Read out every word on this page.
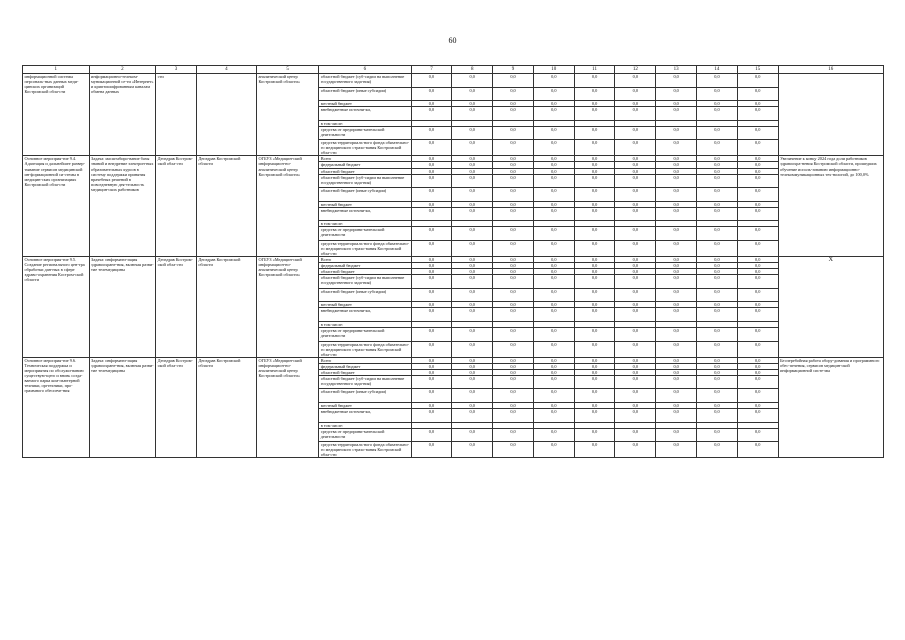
60
1	2	3	4	5	6	7	8	9	10	11	12	13	14	15	16
информационной системы персональ-ных данных меди-цинских организаций Костромской обла-сти	информационно-телеком-муникационной се-ти «Интернет» и криптошифрованным каналам обмена данных	сти		аналитический центр Костромской области»	областной бюджет (суб-сидии на выполнение государственного зада-ния)	0,0	0,0	0,0	0,0	0,0	0,0	0,0	0,0	0,0	
					областной бюджет (иные субсидии)	0,0	0,0	0,0	0,0	0,0	0,0	0,0	0,0	0,0	
					местный бюджет	0,0	0,0	0,0	0,0	0,0	0,0	0,0	0,0	0,0	
					внебюджетные источни-ки,	0,0	0,0	0,0	0,0	0,0	0,0	0,0	0,0	0,0	
					в том числе:										
					средства от предприни-мательской деятельности	0,0	0,0	0,0	0,0	0,0	0,0	0,0	0,0	0,0	
					средства территориаль-ного фонда обязательно-го медицинского страхо-вания Костромской обла-сти	0,0	0,0	0,0	0,0	0,0	0,0	0,0	0,0	0,0	
Основное мероприя-тие 9.4. Адаптация и дальнейшее развер-тывание сервисов медицинской ин-формационной си-стемы в медицин-ских организациях Костромской обла-сти	Задача: масштабиро-вание базы знаний и внедрение электрон-ных образовательных курсов в систему поддержки принятия врачебных решений в повседневную дея-тельность медицин-ских работников	Депздрав Костром-ской обла-сти	Депздрав Костромской области	ОГБУЗ «Медицин-ский информацион-но-аналитический центр Костромской области»	Всего	0,0	0,0	0,0	0,0	0,0	0,0	0,0	0,0	0,0	Увеличение к концу 2024 года доли работников здравоохра-нения Костромской области, прошедших обучение исполь-зованию информационно-телекоммуникационных тех-нологий, до 100,0%
					федеральный бюджет	0,0	0,0	0,0	0,0	0,0	0,0	0,0	0,0	0,0	
					областной бюджет	0,0	0,0	0,0	0,0	0,0	0,0	0,0	0,0	0,0	
					областной бюджет (суб-сидии на выполнение государственного зада-ния)	0,0	0,0	0,0	0,0	0,0	0,0	0,0	0,0	0,0	
					областной бюджет (иные субсидии)	0,0	0,0	0,0	0,0	0,0	0,0	0,0	0,0	0,0	
					местный бюджет	0,0	0,0	0,0	0,0	0,0	0,0	0,0	0,0	0,0	
					внебюджетные источни-ки,	0,0	0,0	0,0	0,0	0,0	0,0	0,0	0,0	0,0	
					в том числе:										
					средства от предприни-мательской деятельности	0,0	0,0	0,0	0,0	0,0	0,0	0,0	0,0	0,0	
					средства территориаль-ного фонда обязательно-го медицинского страхо-вания Костромской обла-сти	0,0	0,0	0,0	0,0	0,0	0,0	0,0	0,0	0,0	
Основное мероприя-тие 9.5. Создание регионального цен-тра обработки дан-ных в сфере здраво-охранения Костром-ской области	Задача: информати-зация здравоохране-ния, включая разви-тие телемедицины	Депздрав Костром-ской обла-сти	Депздрав Костромской области	ОГБУЗ «Медицин-ский информацион-но-аналитический центр Костромской области»	Всего	0,0	0,0	0,0	0,0	0,0	0,0	0,0	0,0	0,0	X
					федеральный бюджет	0,0	0,0	0,0	0,0	0,0	0,0	0,0	0,0	0,0	
					областной бюджет	0,0	0,0	0,0	0,0	0,0	0,0	0,0	0,0	0,0	
					областной бюджет (суб-сидии на выполнение государственного зада-ния)	0,0	0,0	0,0	0,0	0,0	0,0	0,0	0,0	0,0	
					областной бюджет (иные субсидии)	0,0	0,0	0,0	0,0	0,0	0,0	0,0	0,0	0,0	
					местный бюджет	0,0	0,0	0,0	0,0	0,0	0,0	0,0	0,0	0,0	
					внебюджетные источни-ки,	0,0	0,0	0,0	0,0	0,0	0,0	0,0	0,0	0,0	
					в том числе:										
					средства от предприни-мательской деятельности	0,0	0,0	0,0	0,0	0,0	0,0	0,0	0,0	0,0	
					средства территориаль-ного фонда обязательно-го медицинского страхо-вания Костромской обла-сти	0,0	0,0	0,0	0,0	0,0	0,0	0,0	0,0	0,0	
Основное мероприя-тие 9.6. Техническая поддержка и мероприятия по обслужи-ванию существую-щего и вновь созда-ваемого парка ком-пьютерной техники, оргтехники, про-граммного обеспече-ния	Задача: информати-зация здравоохране-ния, включая разви-тие телемедицины	Депздрав Костром-ской обла-сти	Депздрав Костромской области	ОГБУЗ «Медицин-ский информацион-но-аналитический центр Костромской области»	Всего	0,0	0,0	0,0	0,0	0,0	0,0	0,0	0,0	0,0	Бесперебойная работа обору-дования и программного обес-печения, сервисов медицин-ской информационной систе-мы
					федеральный бюджет	0,0	0,0	0,0	0,0	0,0	0,0	0,0	0,0	0,0	
					областной бюджет	0,0	0,0	0,0	0,0	0,0	0,0	0,0	0,0	0,0	
					областной бюджет (суб-сидии на выполнение государственного зада-ния)	0,0	0,0	0,0	0,0	0,0	0,0	0,0	0,0	0,0	
					областной бюджет (иные субсидии)	0,0	0,0	0,0	0,0	0,0	0,0	0,0	0,0	0,0	
					местный бюджет	0,0	0,0	0,0	0,0	0,0	0,0	0,0	0,0	0,0	
					внебюджетные источни-ки,	0,0	0,0	0,0	0,0	0,0	0,0	0,0	0,0	0,0	
					в том числе:										
					средства от предприни-мательской деятельности	0,0	0,0	0,0	0,0	0,0	0,0	0,0	0,0	0,0	
					средства территориаль-ного фонда обязательно-го медицинского страхо-вания Костромской обла-сти	0,0	0,0	0,0	0,0	0,0	0,0	0,0	0,0	0,0	
